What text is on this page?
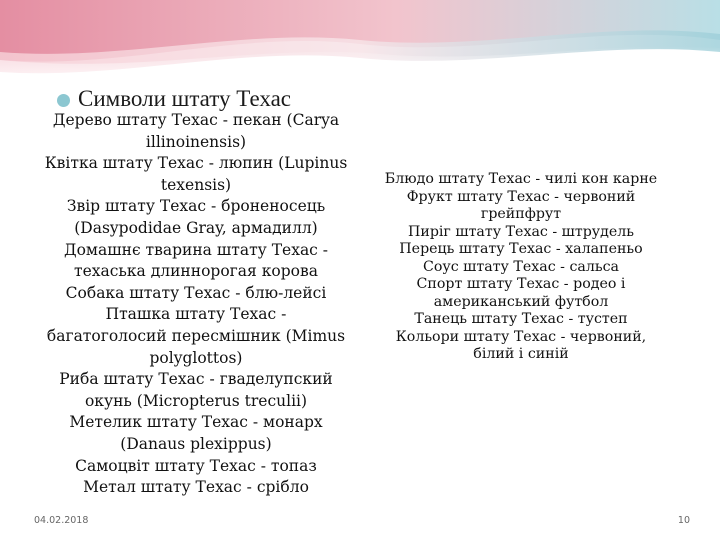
Символи штату Техас
Дерево штату Техас - пекан (Carya
illinoinensis)
Квітка штату Техас - люпин (Lupinus
texensis)
Звір штату Техас - броненосець
(Dasypodidae Gray, армадилл)
Домашнє тварина штату Техас -
техаська длиннорогая корова
Собака штату Техас - блю-лейсі
Пташка штату Техас -
багатоголосий пересмішник (Mimus
polyglottos)
Риба штату Техас - гваделупский
окунь (Micropterus treculii)
Метелик штату Техас - монарх
(Danaus plexippus)
Самоцвіт штату Техас - топаз
Метал штату Техас - срібло
Блюдо штату Техас - чилі кон карне
Фрукт штату Техас - червоний
грейпфрут
Пиріг штату Техас - штрудель
Перець штату Техас - халапеньо
Соус штату Техас - сальса
Спорт штату Техас - родео і
американський футбол
Танець штату Техас - тустеп
Кольори штату Техас - червоний,
білий і синій
04.02.2018	10
